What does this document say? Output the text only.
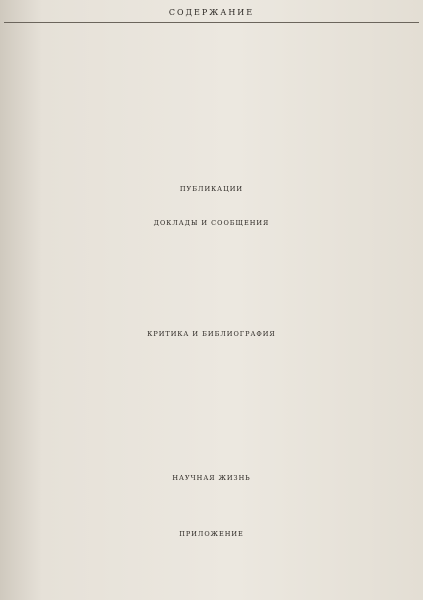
СОДЕРЖАНИЕ
ПУБЛИКАЦИИ
ДОКЛАДЫ И СООБЩЕНИЯ
КРИТИКА И БИБЛИОГРАФИЯ
НАУЧНАЯ ЖИЗНЬ
ПРИЛОЖЕНИЕ
